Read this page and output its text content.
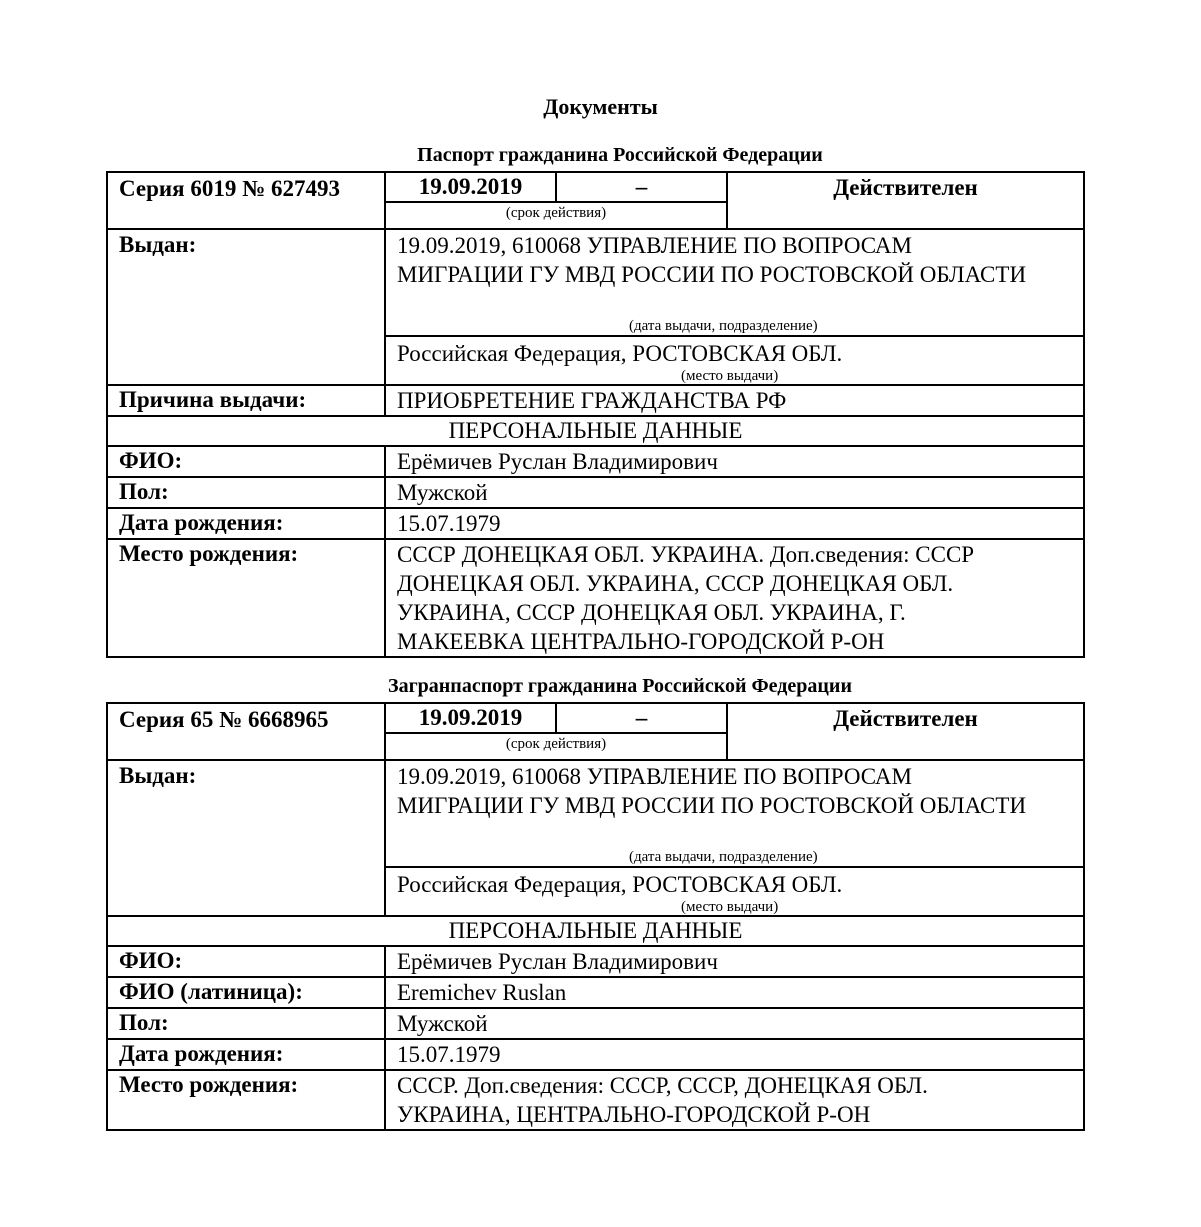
Документы
Паспорт гражданина Российской Федерации
Серия 6019 № 627493	19.09.2019	–	Действителен
	(срок действия)		
Выдан:	19.09.2019, 610068 УПРАВЛЕНИЕ ПО ВОПРОСАМ МИГРАЦИИ ГУ МВД РОССИИ ПО РОСТОВСКОЙ ОБЛАСТИ
(дата выдачи, подразделение)		

	Российская Федерация, РОСТОВСКАЯ ОБЛ.
(место выдачи)		

Причина выдачи:	ПРИОБРЕТЕНИЕ ГРАЖДАНСТВА РФ		
ПЕРСОНАЛЬНЫЕ ДАННЫЕ			
ФИО:	Ерёмичев Руслан Владимирович		
Пол:	Мужской		
Дата рождения:	15.07.1979		
Место рождения:	СССР ДОНЕЦКАЯ ОБЛ. УКРАИНА. Доп.сведения: СССР ДОНЕЦКАЯ ОБЛ. УКРАИНА, СССР ДОНЕЦКАЯ ОБЛ. УКРАИНА, СССР ДОНЕЦКАЯ ОБЛ. УКРАИНА, Г. МАКЕЕВКА ЦЕНТРАЛЬНО-ГОРОДСКОЙ Р-ОН		
Загранпаспорт гражданина Российской Федерации
Серия 65 № 6668965	19.09.2019	–	Действителен
	(срок действия)		
Выдан:	19.09.2019, 610068 УПРАВЛЕНИЕ ПО ВОПРОСАМ МИГРАЦИИ ГУ МВД РОССИИ ПО РОСТОВСКОЙ ОБЛАСТИ
(дата выдачи, подразделение)		

	Российская Федерация, РОСТОВСКАЯ ОБЛ.
(место выдачи)		

ПЕРСОНАЛЬНЫЕ ДАННЫЕ			
ФИО:	Ерёмичев Руслан Владимирович		
ФИО (латиница):	Eremichev Ruslan		
Пол:	Мужской		
Дата рождения:	15.07.1979		
Место рождения:	СССР. Доп.сведения: СССР, СССР, ДОНЕЦКАЯ ОБЛ. УКРАИНА, ЦЕНТРАЛЬНО-ГОРОДСКОЙ Р-ОН		
